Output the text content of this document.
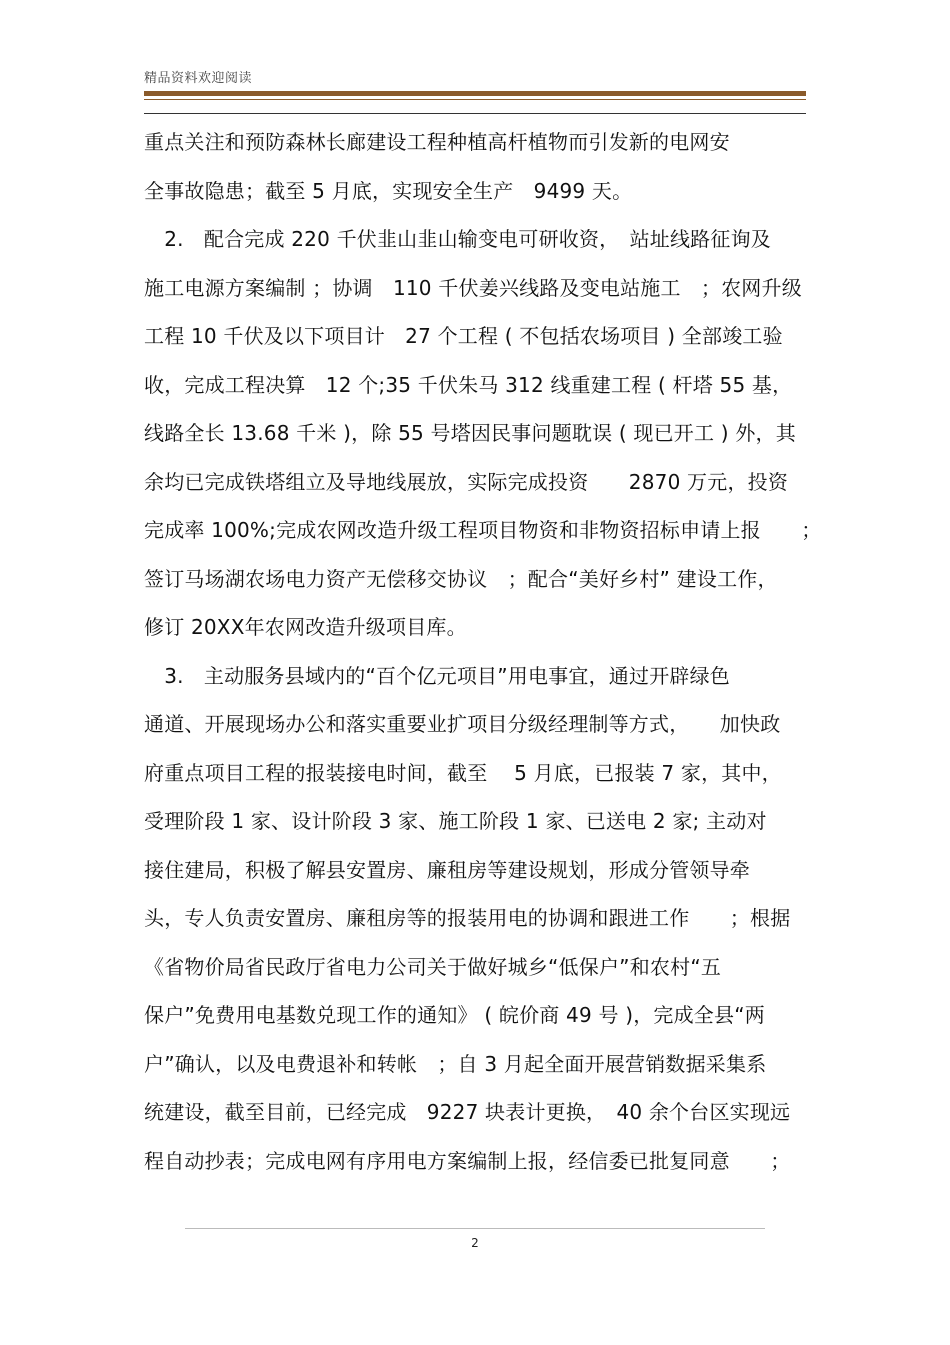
精品资料欢迎阅读
重点关注和预防森林长廊建设工程种植高杆植物而引发新的电网安
全事故隐患；截至 5 月底，实现安全生产　9499 天。
　2.　配合完成 220 千伏韭山韭山输变电可研收资，　站址线路征询及
施工电源方案编制 ；协调　110 千伏姜兴线路及变电站施工　；农网升级
工程 10 千伏及以下项目计　27 个工程 ( 不包括农场项目 ) 全部竣工验
收，完成工程决算　12 个;35 千伏朱马 312 线重建工程 ( 杆塔 55 基，
线路全长 13.68 千米 )，除 55 号塔因民事问题耽误 ( 现已开工 ) 外，其
余均已完成铁塔组立及导地线展放，实际完成投资　　2870 万元，投资
完成率 100%;完成农网改造升级工程项目物资和非物资招标申请上报　　；
签订马场湖农场电力资产无偿移交协议　；配合“美好乡村” 建设工作，
修订 20XX年农网改造升级项目库。
　3.　主动服务县域内的“百个亿元项目”用电事宜，通过开辟绿色
通道、开展现场办公和落实重要业扩项目分级经理制等方式，　　加快政
府重点项目工程的报装接电时间，截至　 5 月底，已报装 7 家，其中，
受理阶段 1 家、设计阶段 3 家、施工阶段 1 家、已送电 2 家; 主动对
接住建局，积极了解县安置房、廉租房等建设规划，形成分管领导牵
头，专人负责安置房、廉租房等的报装用电的协调和跟进工作　　；根据
《省物价局省民政厅省电力公司关于做好城乡“低保户”和农村“五
保户”免费用电基数兑现工作的通知》 ( 皖价商 49 号 )，完成全县“两
户”确认，以及电费退补和转帐　；自 3 月起全面开展营销数据采集系
统建设，截至目前，已经完成　9227 块表计更换，　40 余个台区实现远
程自动抄表；完成电网有序用电方案编制上报，经信委已批复同意　　；
2
